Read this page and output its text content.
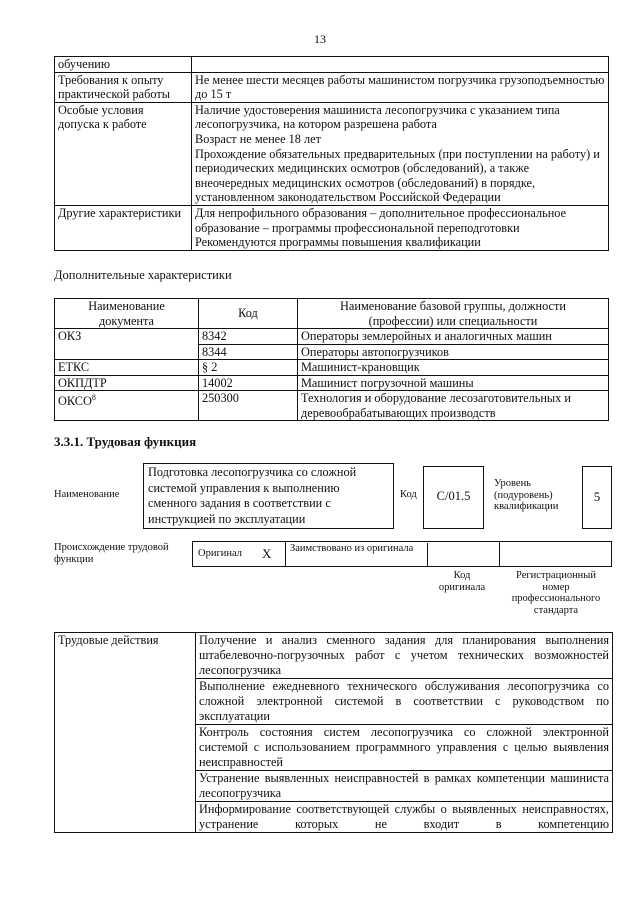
13
обучению	
Требования к опыту практической работы	Не менее шести месяцев работы машинистом погрузчика грузоподъемностью до 15 т

Особые условия допуска к работе	Наличие удостоверения машиниста лесопогрузчика с указанием типа лесопогрузчика, на котором разрешена работа
Возраст не менее 18 лет
Прохождение обязательных предварительных (при поступлении на работу) и периодических медицинских осмотров (обследований), а также внеочередных медицинских осмотров (обследований) в порядке, установленном законодательством Российской Федерации

Другие характеристики	Для непрофильного образования – дополнительное профессиональное образование – программы профессиональной переподготовки
Рекомендуются программы повышения квалификации
Дополнительные характеристики
Наименование документа	Код	Наименование базовой группы, должности (профессии) или специальности
ОКЗ	8342	Операторы землеройных и аналогичных машин
	8344	Операторы автопогрузчиков
ЕТКС	§ 2	Машинист-крановщик
ОКПДТР	14002	Машинист погрузочной машины
ОКСО$^8$	250300	Технология и оборудование лесозаготовительных и деревообрабатывающих производств
3.3.1. Трудовая функция
Наименование
Подготовка лесопогрузчика со сложной системой управления к выполнению сменного задания в соответствии с инструкцией по эксплуатации
Код	С/01.5
Уровень (подуровень) квалификации
5
Происхождение трудовой функции	Оригинал X	Заимствовано из оригинала
Код оригинала
Регистрационный номер профессионального стандарта
Трудовые действия	Получение и анализ сменного задания для планирования выполнения штабелевочно-погрузочных работ с учетом технических возможностей лесопогрузчика
Выполнение ежедневного технического обслуживания лесопогрузчика со сложной электронной системой в соответствии с руководством по эксплуатации
Контроль состояния систем лесопогрузчика со сложной электронной системой с использованием программного управления с целью выявления неисправностей
Устранение выявленных неисправностей в рамках компетенции машиниста лесопогрузчика
Информирование соответствующей службы о выявленных неисправностях, устранение которых не входит в компетенцию
